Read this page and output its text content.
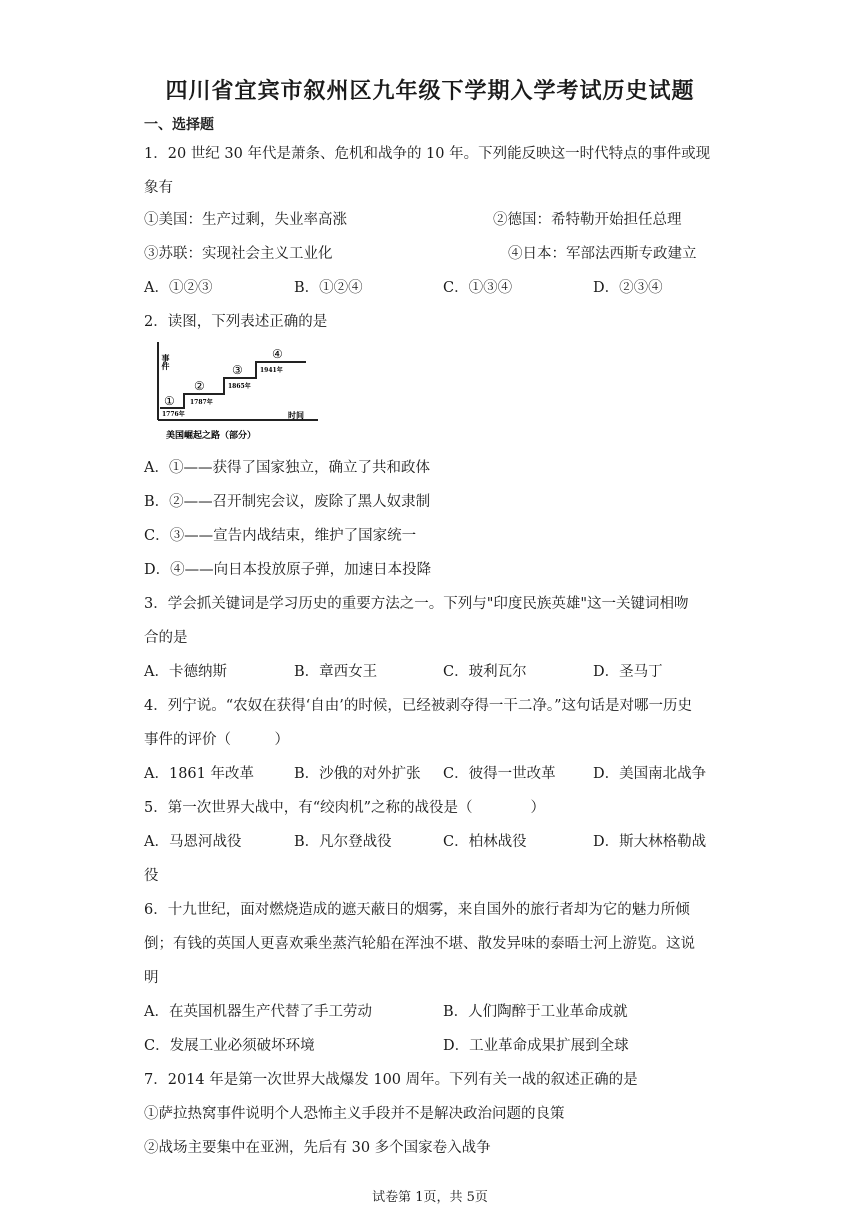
四川省宜宾市叙州区九年级下学期入学考试历史试题
一、选择题
1．20 世纪 30 年代是萧条、危机和战争的 10 年。下列能反映这一时代特点的事件或现
象有
①美国：生产过剩，失业率高涨	②德国：希特勒开始担任总理
③苏联：实现社会主义工业化	④日本：军部法西斯专政建立
A．①②③	B．①②④	C．①③④	D．②③④
2．读图，下列表述正确的是
事件
时间
①
1776年
②
1787年
③
1865年
④
1941年
美国崛起之路（部分）
A．①——获得了国家独立，确立了共和政体
B．②——召开制宪会议，废除了黑人奴隶制
C．③——宣告内战结束，维护了国家统一
D．④——向日本投放原子弹，加速日本投降
3．学会抓关键词是学习历史的重要方法之一。下列与"印度民族英雄"这一关键词相吻
合的是
A．卡德纳斯	B．章西女王	C．玻利瓦尔	D．圣马丁
4．列宁说。“农奴在获得‘自由’的时候，已经被剥夺得一干二净。”这句话是对哪一历史
事件的评价（　　　）
A．1861 年改革	B．沙俄的对外扩张 C．彼得一世改革	D．美国南北战争
5．第一次世界大战中，有“绞肉机”之称的战役是（　　　　）
A．马恩河战役	B．凡尔登战役	C．柏林战役	D．斯大林格勒战
役
6．十九世纪，面对燃烧造成的遮天蔽日的烟雾，来自国外的旅行者却为它的魅力所倾
倒；有钱的英国人更喜欢乘坐蒸汽轮船在浑浊不堪、散发异味的泰晤士河上游览。这说
明
A．在英国机器生产代替了手工劳动	B．人们陶醉于工业革命成就
C．发展工业必须破坏环境	D．工业革命成果扩展到全球
7．2014 年是第一次世界大战爆发 100 周年。下列有关一战的叙述正确的是
①萨拉热窝事件说明个人恐怖主义手段并不是解决政治问题的良策
②战场主要集中在亚洲，先后有 30 多个国家卷入战争
试卷第 1页，共 5页
